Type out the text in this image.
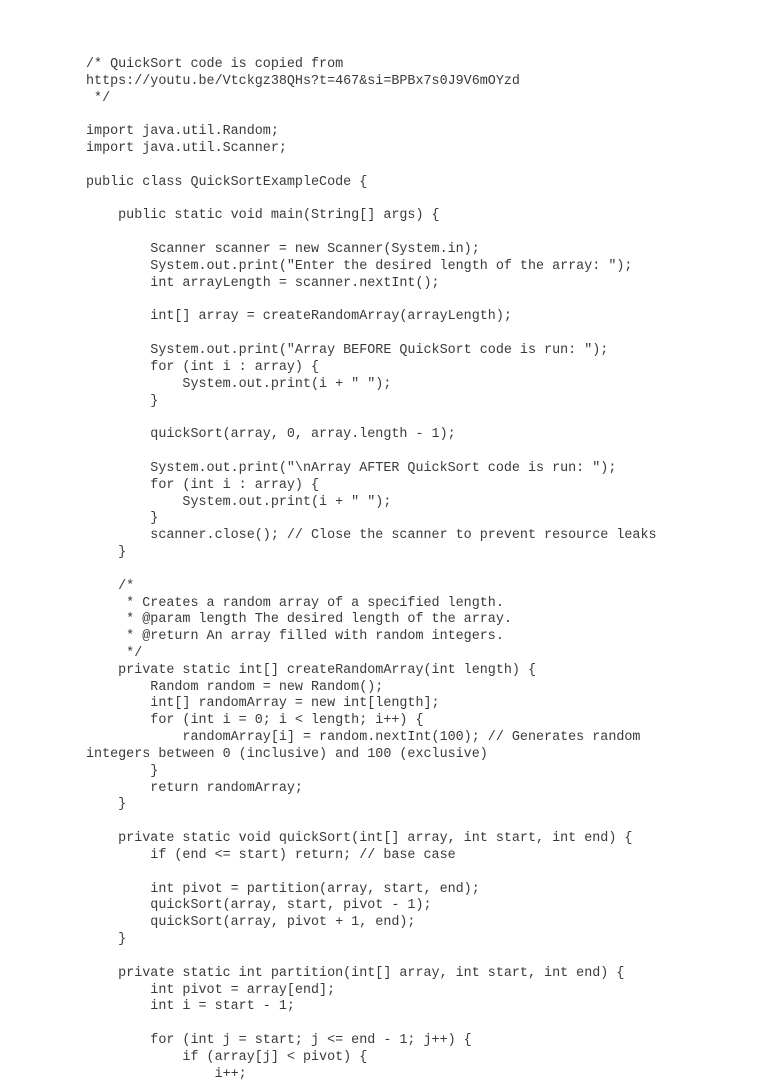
/* QuickSort code is copied from
https://youtu.be/Vtckgz38QHs?t=467&si=BPBx7s0J9V6mOYzd
*/

import java.util.Random;
import java.util.Scanner;

public class QuickSortExampleCode {

public static void main(String[] args) {

Scanner scanner = new Scanner(System.in);
System.out.print("Enter the desired length of the array: ");
int arrayLength = scanner.nextInt();

int[] array = createRandomArray(arrayLength);

System.out.print("Array BEFORE QuickSort code is run: ");
for (int i : array) {
System.out.print(i + " ");
}

quickSort(array, 0, array.length - 1);

System.out.print("\nArray AFTER QuickSort code is run: ");
for (int i : array) {
System.out.print(i + " ");
}
scanner.close(); // Close the scanner to prevent resource leaks
}

/*
* Creates a random array of a specified length.
* @param length The desired length of the array.
* @return An array filled with random integers.
*/
private static int[] createRandomArray(int length) {
Random random = new Random();
int[] randomArray = new int[length];
for (int i = 0; i < length; i++) {
randomArray[i] = random.nextInt(100); // Generates random
integers between 0 (inclusive) and 100 (exclusive)
}
return randomArray;
}

private static void quickSort(int[] array, int start, int end) {
if (end <= start) return; // base case

int pivot = partition(array, start, end);
quickSort(array, start, pivot - 1);
quickSort(array, pivot + 1, end);
}

private static int partition(int[] array, int start, int end) {
int pivot = array[end];
int i = start - 1;

for (int j = start; j <= end - 1; j++) {
if (array[j] < pivot) {
i++;
